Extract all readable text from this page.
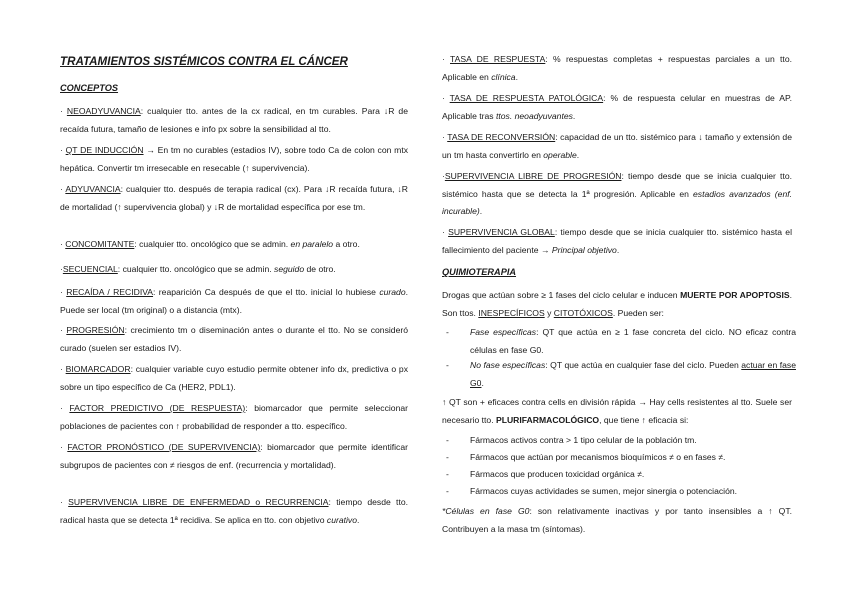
TRATAMIENTOS SISTÉMICOS CONTRA EL CÁNCER
CONCEPTOS
· NEOADYUVANCIA: cualquier tto. antes de la cx radical, en tm curables. Para ↓R de recaída futura, tamaño de lesiones e info px sobre la sensibilidad al tto.
· QT DE INDUCCIÓN → En tm no curables (estadios IV), sobre todo Ca de colon con mtx hepática. Convertir tm irresecable en resecable (↑ supervivencia).
· ADYUVANCIA: cualquier tto. después de terapia radical (cx). Para ↓R recaída futura, ↓R de mortalidad (↑ supervivencia global) y ↓R de mortalidad específica por ese tm.
· CONCOMITANTE: cualquier tto. oncológico que se admin. en paralelo a otro.
·SECUENCIAL: cualquier tto. oncológico que se admin. seguido de otro.
· RECAÍDA / RECIDIVA: reaparición Ca después de que el tto. inicial lo hubiese curado. Puede ser local (tm original) o a distancia (mtx).
· PROGRESIÓN: crecimiento tm o diseminación antes o durante el tto. No se consideró curado (suelen ser estadios IV).
· BIOMARCADOR: cualquier variable cuyo estudio permite obtener info dx, predictiva o px sobre un tipo específico de Ca (HER2, PDL1).
· FACTOR PREDICTIVO (DE RESPUESTA): biomarcador que permite seleccionar poblaciones de pacientes con ↑ probabilidad de responder a tto. específico.
· FACTOR PRONÓSTICO (DE SUPERVIVENCIA): biomarcador que permite identificar subgrupos de pacientes con ≠ riesgos de enf. (recurrencia y mortalidad).
· SUPERVIVENCIA LIBRE DE ENFERMEDAD o RECURRENCIA: tiempo desde tto. radical hasta que se detecta 1ª recidiva. Se aplica en tto. con objetivo curativo.
· TASA DE RESPUESTA: % respuestas completas + respuestas parciales a un tto. Aplicable en clínica.
· TASA DE RESPUESTA PATOLÓGICA: % de respuesta celular en muestras de AP. Aplicable tras ttos. neoadyuvantes.
· TASA DE RECONVERSIÓN: capacidad de un tto. sistémico para ↓ tamaño y extensión de un tm hasta convertirlo en operable.
·SUPERVIVENCIA LIBRE DE PROGRESIÓN: tiempo desde que se inicia cualquier tto. sistémico hasta que se detecta la 1ª progresión. Aplicable en estadios avanzados (enf. incurable).
· SUPERVIVENCIA GLOBAL: tiempo desde que se inicia cualquier tto. sistémico hasta el fallecimiento del paciente → Principal objetivo.
QUIMIOTERAPIA
Drogas que actúan sobre ≥ 1 fases del ciclo celular e inducen MUERTE POR APOPTOSIS. Son ttos. INESPECÍFICOS y CITOTÓXICOS. Pueden ser:
- Fase específicas: QT que actúa en ≥ 1 fase concreta del ciclo. NO eficaz contra células en fase G0.
- No fase específicas: QT que actúa en cualquier fase del ciclo. Pueden actuar en fase G0.
↑ QT son + eficaces contra cells en división rápida → Hay cells resistentes al tto. Suele ser necesario tto. PLURIFARMACOLÓGICO, que tiene ↑ eficacia si:
- Fármacos activos contra > 1 tipo celular de la población tm.
- Fármacos que actúan por mecanismos bioquímicos ≠ o en fases ≠.
- Fármacos que producen toxicidad orgánica ≠.
- Fármacos cuyas actividades se sumen, mejor sinergia o potenciación.
*Células en fase G0: son relativamente inactivas y por tanto insensibles a ↑ QT. Contribuyen a la masa tm (síntomas).
